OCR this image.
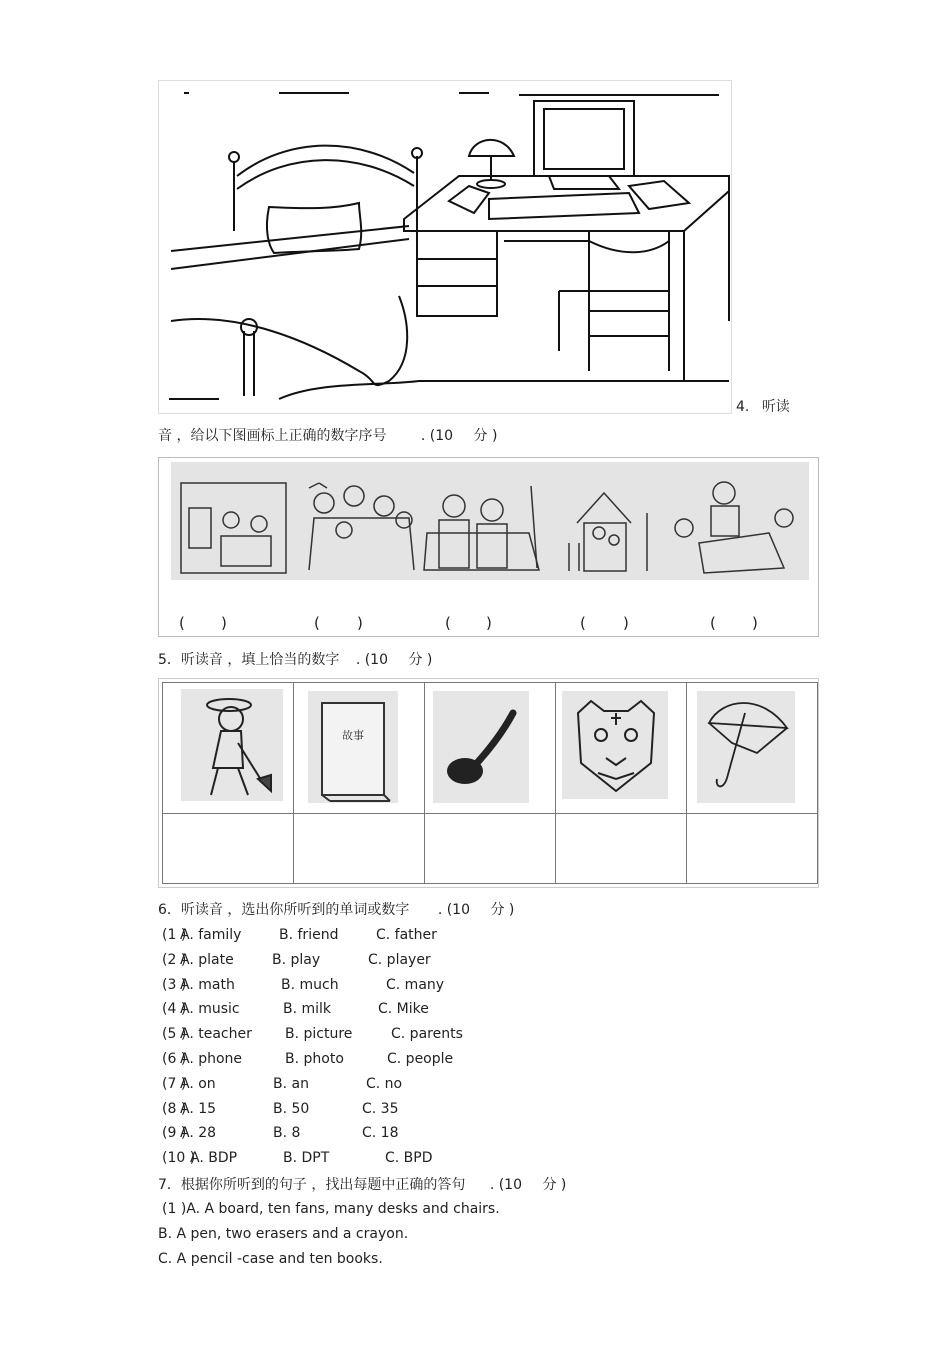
4. 听读
音 ，给以下图画标上正确的数字序号 . (10 分 )
( )	( )	( )	( )	( )
5．听读音 ，填上恰当的数字 . (10 分 )

故事

6．听读音 ，选出你所听到的单词或数字 . (10 分 )
(1 )
A. family	B. friend	C. father
(2 )
A. plate	B. play	C. player
(3 )
A. math	B. much	C. many
(4 )
A. music	B. milk	C. Mike
(5 )
A. teacher B. picture	C. parents
(6 )
A. phone	B. photo	C. people
(7 )
A. on	B. an	C. no
(8 )
A. 15	B. 50	C. 35
(9 )
A. 28	B. 8	C. 18
(10 )
A. BDP	B. DPT	C. BPD
7．根据你所听到的句子 ，找出每题中正确的答句 . (10 分 )
(1 )A. A board, ten fans, many desks and chairs.
B. A pen, two erasers and a crayon.
C. A pencil -case and ten books.
